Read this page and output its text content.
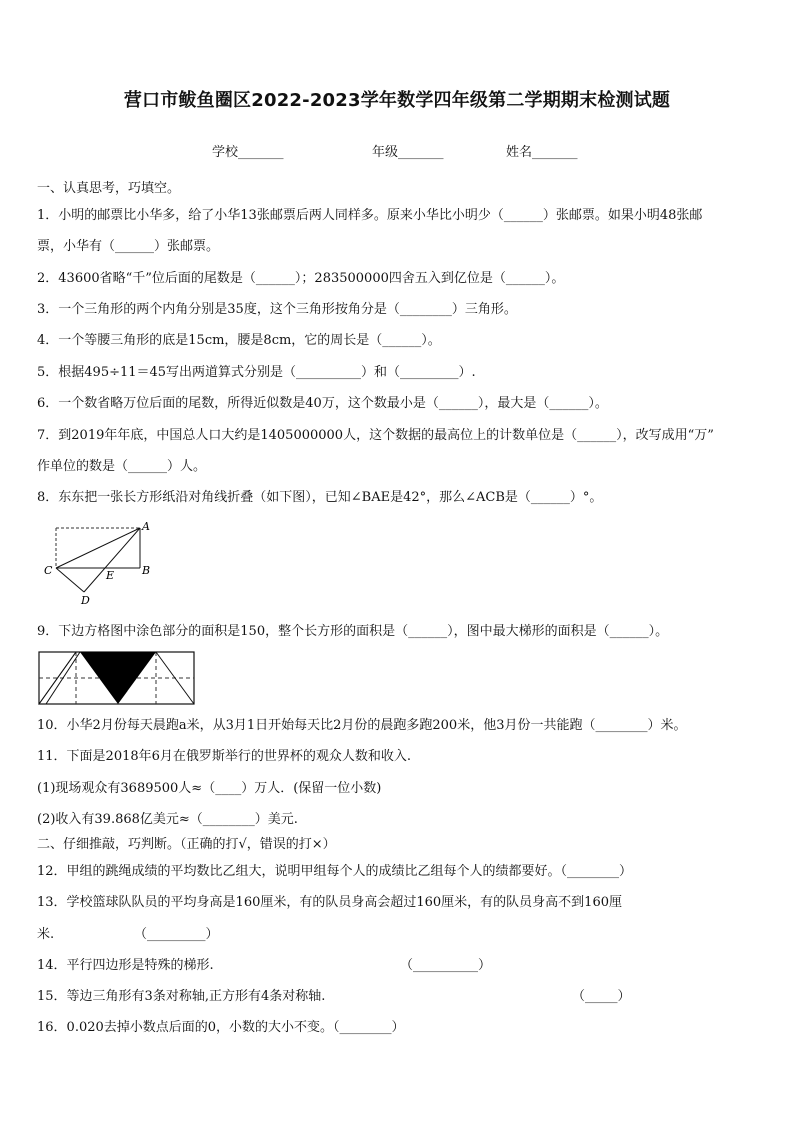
营口市鲅鱼圈区2022-2023学年数学四年级第二学期期末检测试题
学校_______	年级_______	姓名_______
一、认真思考，巧填空。
1．小明的邮票比小华多，给了小华13张邮票后两人同样多。原来小华比小明少（______）张邮票。如果小明48张邮
票，小华有（______）张邮票。
2．43600省略“千”位后面的尾数是（______）；283500000四舍五入到亿位是（______）。
3．一个三角形的两个内角分别是35度，这个三角形按角分是（________）三角形。
4．一个等腰三角形的底是15cm，腰是8cm，它的周长是（______）。
5．根据495÷11＝45写出两道算式分别是（__________）和（_________）.
6．一个数省略万位后面的尾数，所得近似数是40万，这个数最小是（______），最大是（______）。
7．到2019年年底，中国总人口大约是1405000000人，这个数据的最高位上的计数单位是（______），改写成用“万”
作单位的数是（______）人。
8．东东把一张长方形纸沿对角线折叠（如下图），已知∠BAE是42°，那么∠ACB是（______）°。
A
B
C
D
E
9．下边方格图中涂色部分的面积是150，整个长方形的面积是（______），图中最大梯形的面积是（______）。
10．小华2月份每天晨跑a米，从3月1日开始每天比2月份的晨跑多跑200米，他3月份一共能跑（________）米。
11．下面是2018年6月在俄罗斯举行的世界杯的观众人数和收入.
(1)现场观众有3689500人≈（____）万人．(保留一位小数)
(2)收入有39.868亿美元≈（________）美元.
二、仔细推敲，巧判断。（正确的打√，错误的打×）
12．甲组的跳绳成绩的平均数比乙组大，说明甲组每个人的成绩比乙组每个人的绩都要好。（________）
13．学校篮球队队员的平均身高是160厘米，有的队员身高会超过160厘米，有的队员身高不到160厘
米.	（_________）
14．平行四边形是特殊的梯形.	（__________）
15．等边三角形有3条对称轴,正方形有4条对称轴.	（_____）
16．0.020去掉小数点后面的0，小数的大小不变。（________）
